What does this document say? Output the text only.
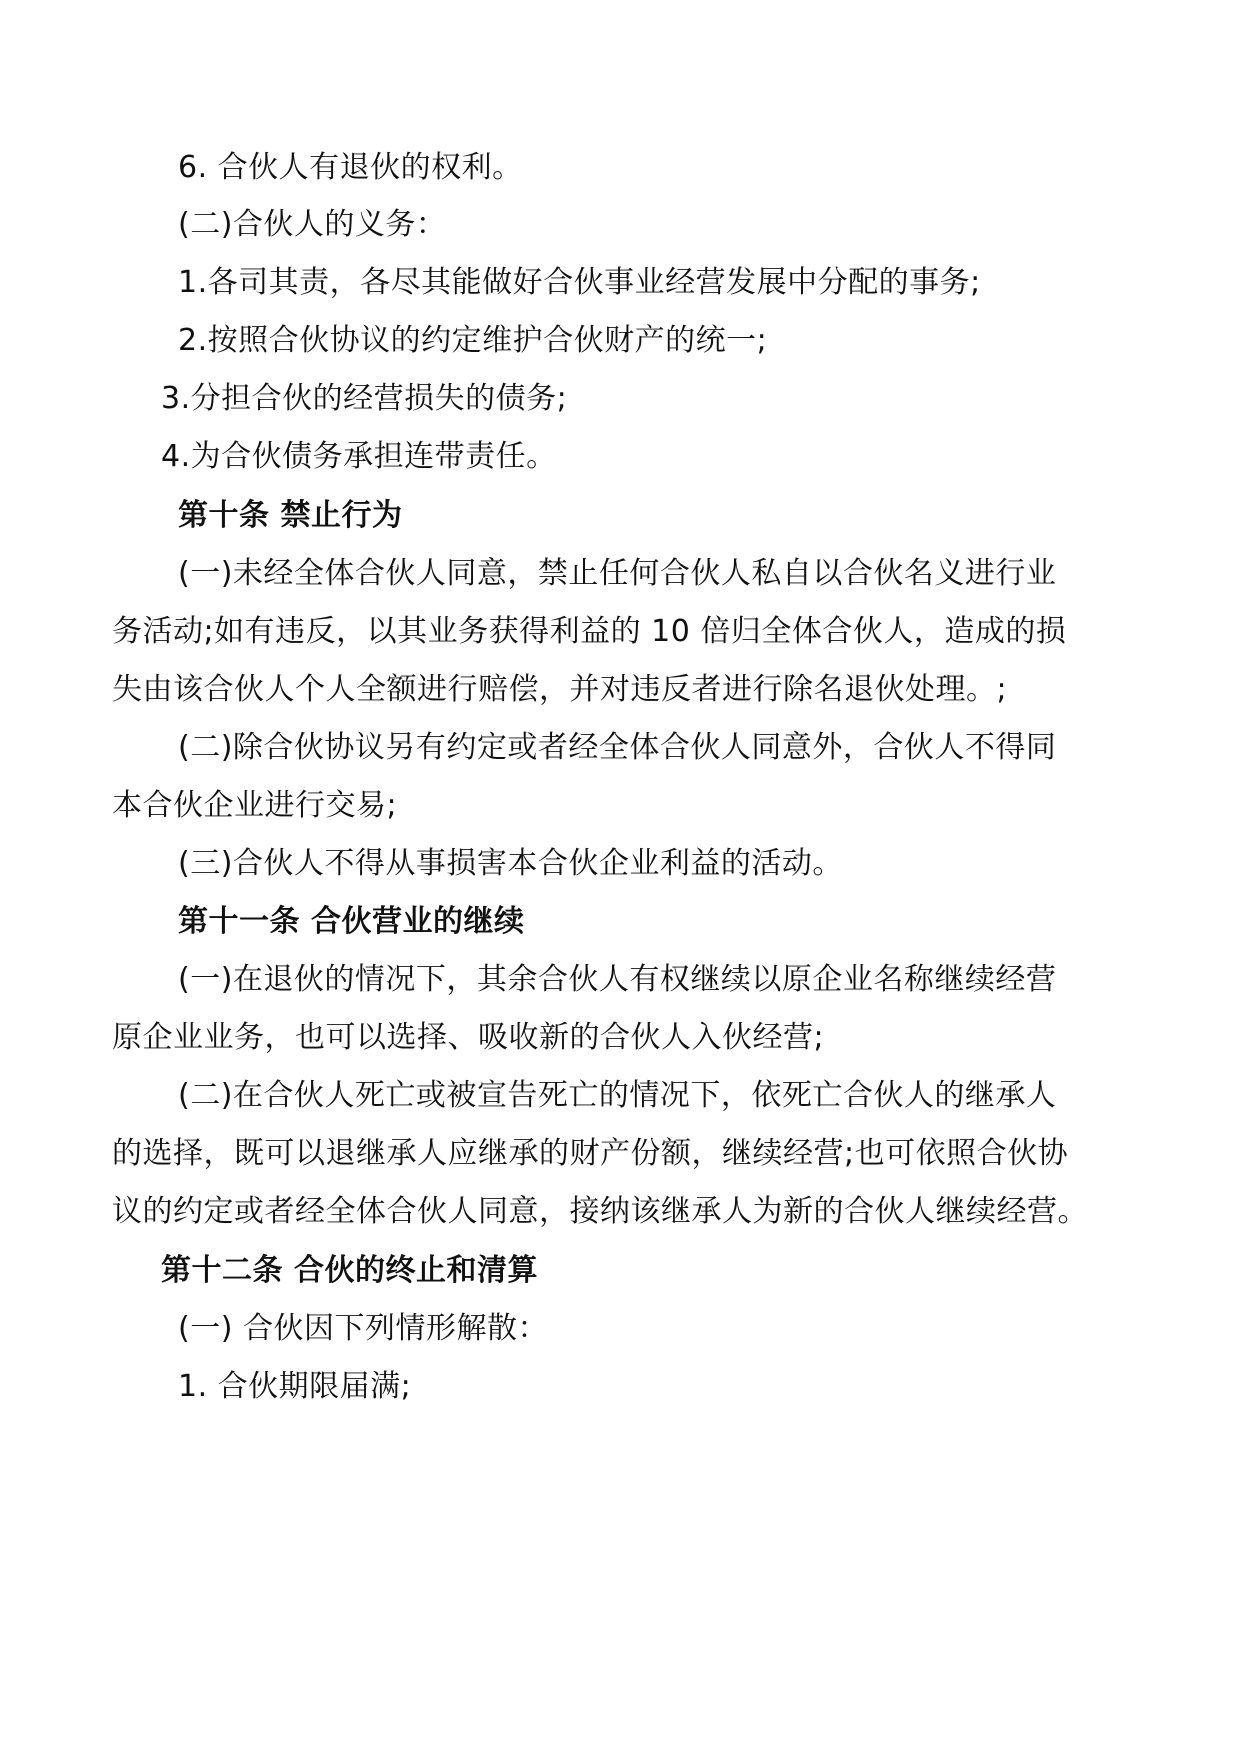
6. 合伙人有退伙的权利。
(二)合伙人的义务：
1.各司其责，各尽其能做好合伙事业经营发展中分配的事务;
2.按照合伙协议的约定维护合伙财产的统一;
3.分担合伙的经营损失的债务;
4.为合伙债务承担连带责任。
第十条 禁止行为
(一)未经全体合伙人同意，禁止任何合伙人私自以合伙名义进行业
务活动;如有违反，以其业务获得利益的 10 倍归全体合伙人，造成的损
失由该合伙人个人全额进行赔偿，并对违反者进行除名退伙处理。;
(二)除合伙协议另有约定或者经全体合伙人同意外，合伙人不得同
本合伙企业进行交易;
(三)合伙人不得从事损害本合伙企业利益的活动。
第十一条 合伙营业的继续
(一)在退伙的情况下，其余合伙人有权继续以原企业名称继续经营
原企业业务，也可以选择、吸收新的合伙人入伙经营;
(二)在合伙人死亡或被宣告死亡的情况下，依死亡合伙人的继承人
的选择，既可以退继承人应继承的财产份额，继续经营;也可依照合伙协
议的约定或者经全体合伙人同意，接纳该继承人为新的合伙人继续经营。
第十二条 合伙的终止和清算
(一) 合伙因下列情形解散：
1. 合伙期限届满;
